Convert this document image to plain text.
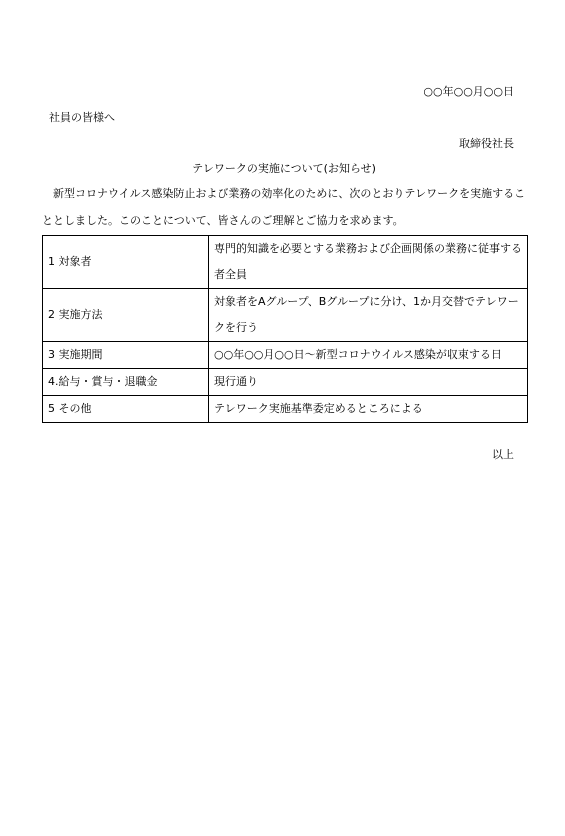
○○年○○月○○日
社員の皆様へ
取締役社長
テレワークの実施について(お知らせ)
新型コロナウイルス感染防止および業務の効率化のために、次のとおりテレワークを実施することとしました。このことについて、皆さんのご理解とご協力を求めます。
1 対象者	専門的知識を必要とする業務および企画関係の業務に従事する者全員
2 実施方法	対象者をAグループ、Bグループに分け、1か月交替でテレワークを行う
3 実施期間	○○年○○月○○日～新型コロナウイルス感染が収束する日
4.給与・賞与・退職金	現行通り
5 その他	テレワーク実施基準委定めるところによる
以上
